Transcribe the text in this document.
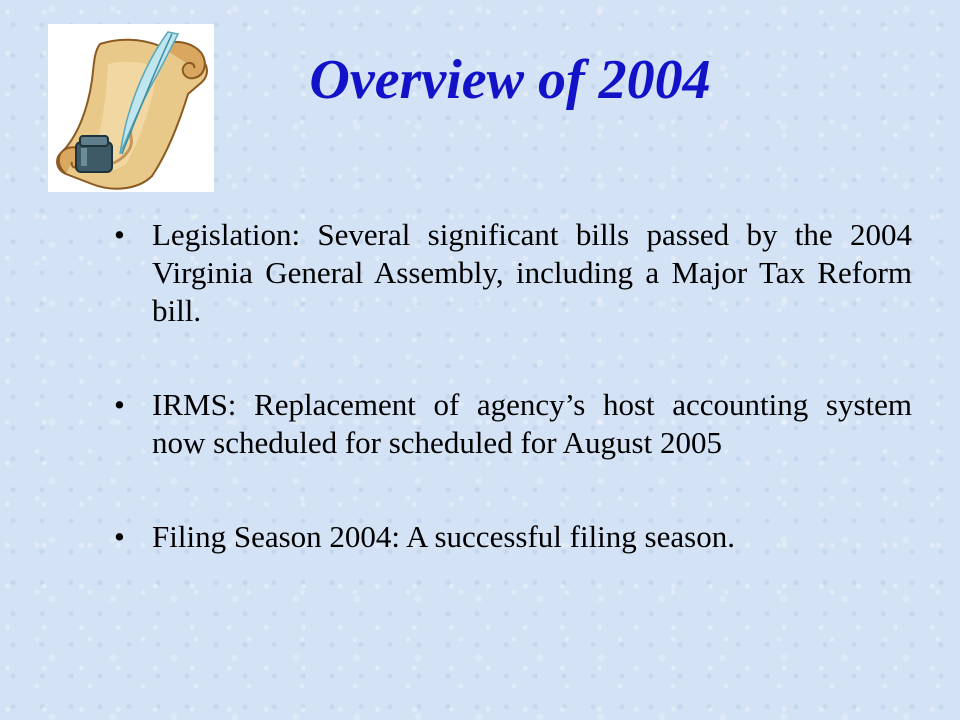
Overview of 2004
• Legislation: Several significant bills passed by the 2004 Virginia General Assembly, including a Major Tax Reform bill.
• IRMS: Replacement of agency’s host accounting system now scheduled for scheduled for August 2005
• Filing Season 2004: A successful filing season.
